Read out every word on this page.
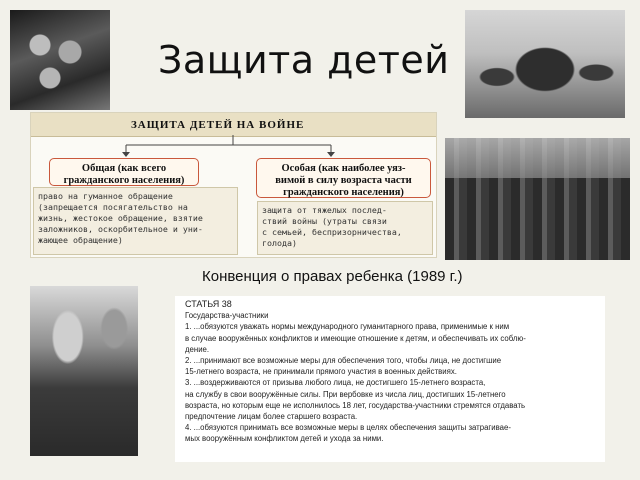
Защита детей
ЗАЩИТА ДЕТЕЙ НА ВОЙНЕ
Общая (как всего
гражданского населения)
Особая (как наиболее уяз-
вимой в силу возраста части
гражданского населения)
право на гуманное обращение
(запрещается посягательство на
жизнь, жестокое обращение, взятие
заложников, оскорбительное и уни-
жающее обращение)
защита от тяжелых послед-
ствий войны (утраты связи
с семьей, беспризорничества,
голода)
Конвенция о правах ребенка (1989 г.)

СТАТЬЯ 38

Государства-участники

1. ...обязуются уважать нормы международного гуманитарного права, применимые к ним

в случае вооружённых конфликтов и имеющие отношение к детям, и обеспечивать их соблю-

дение.

2. ...принимают все возможные меры для обеспечения того, чтобы лица, не достигшие

15-летнего возраста, не принимали прямого участия в военных действиях.

3. ...воздерживаются от призыва любого лица, не достигшего 15-летнего возраста,

на службу в свои вооружённые силы. При вербовке из числа лиц, достигших 15-летнего

возраста, но которым еще не исполнилось 18 лет, государства-участники стремятся отдавать

предпочтение лицам более старшего возраста.

4. ...обязуются принимать все возможные меры в целях обеспечения защиты затрагивае-

мых вооружённым конфликтом детей и ухода за ними.
